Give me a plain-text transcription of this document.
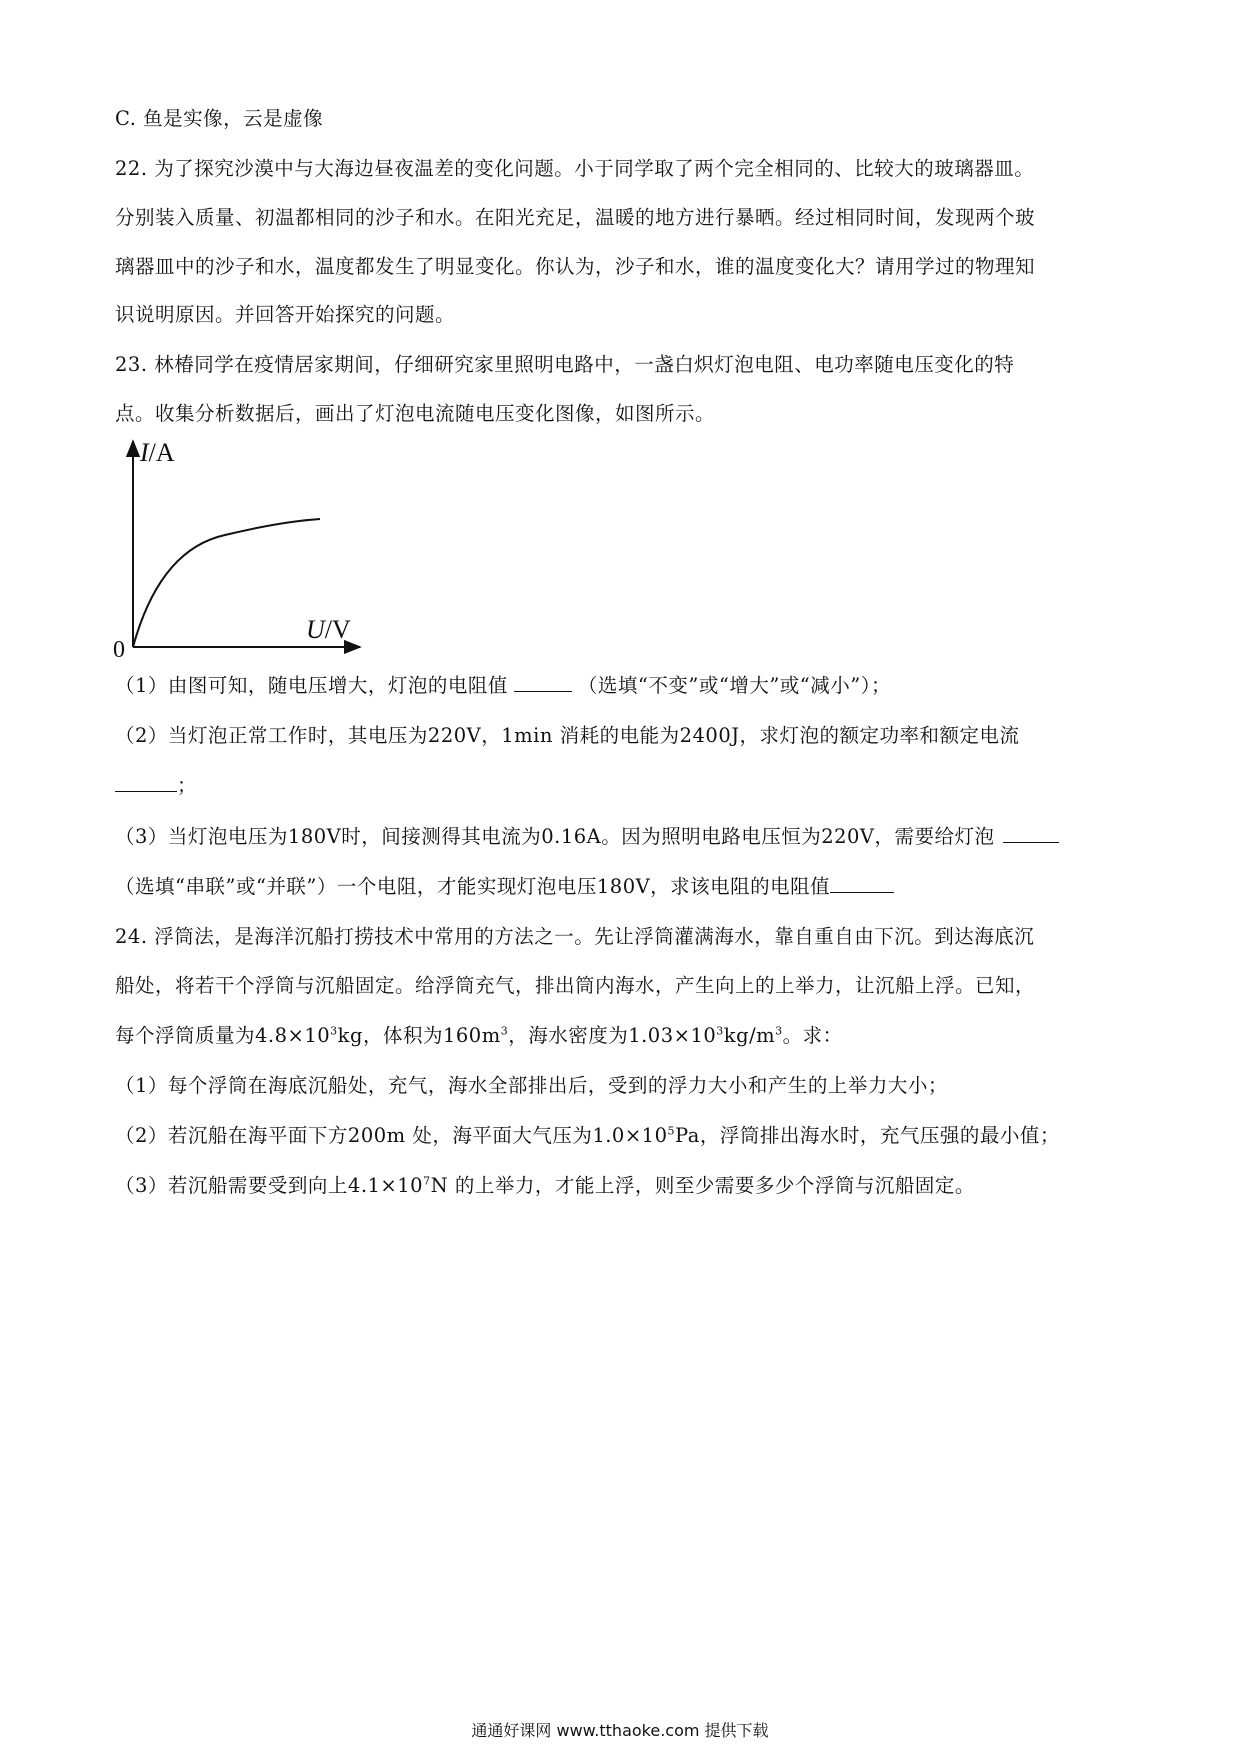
C. 鱼是实像，云是虚像
22. 为了探究沙漠中与大海边昼夜温差的变化问题。小于同学取了两个完全相同的、比较大的玻璃器皿。
分别装入质量、初温都相同的沙子和水。在阳光充足，温暖的地方进行暴晒。经过相同时间，发现两个玻
璃器皿中的沙子和水，温度都发生了明显变化。你认为，沙子和水，谁的温度变化大？请用学过的物理知
识说明原因。并回答开始探究的问题。
23. 林椿同学在疫情居家期间，仔细研究家里照明电路中，一盏白炽灯泡电阻、电功率随电压变化的特
点。收集分析数据后，画出了灯泡电流随电压变化图像，如图所示。
I/A
U/V
0
（1）由图可知，随电压增大，灯泡的电阻值	（选填“不变”或“增大”或“减小”）；
（2）当灯泡正常工作时，其电压为220V，1min 消耗的电能为2400J，求灯泡的额定功率和额定电流
；
（3）当灯泡电压为180V时，间接测得其电流为0.16A。因为照明电路电压恒为220V，需要给灯泡
（选填“串联”或“并联”）一个电阻，才能实现灯泡电压180V，求该电阻的电阻值
24. 浮筒法，是海洋沉船打捞技术中常用的方法之一。先让浮筒灌满海水，靠自重自由下沉。到达海底沉
船处，将若干个浮筒与沉船固定。给浮筒充气，排出筒内海水，产生向上的上举力，让沉船上浮。已知，
每个浮筒质量为$4.8\times 10^3kg$，体积为$160m^3$，海水密度为$1.03\times 10^3kg/m^3$。求：
（1）每个浮筒在海底沉船处，充气，海水全部排出后，受到的浮力大小和产生的上举力大小；
（2）若沉船在海平面下方200m 处，海平面大气压为$1.0\times 10^5Pa$，浮筒排出海水时，充气压强的最小值；
（3）若沉船需要受到向上$4.1\times 10^7N$ 的上举力，才能上浮，则至少需要多少个浮筒与沉船固定。
通通好课网 www.tthaoke.com 提供下载
